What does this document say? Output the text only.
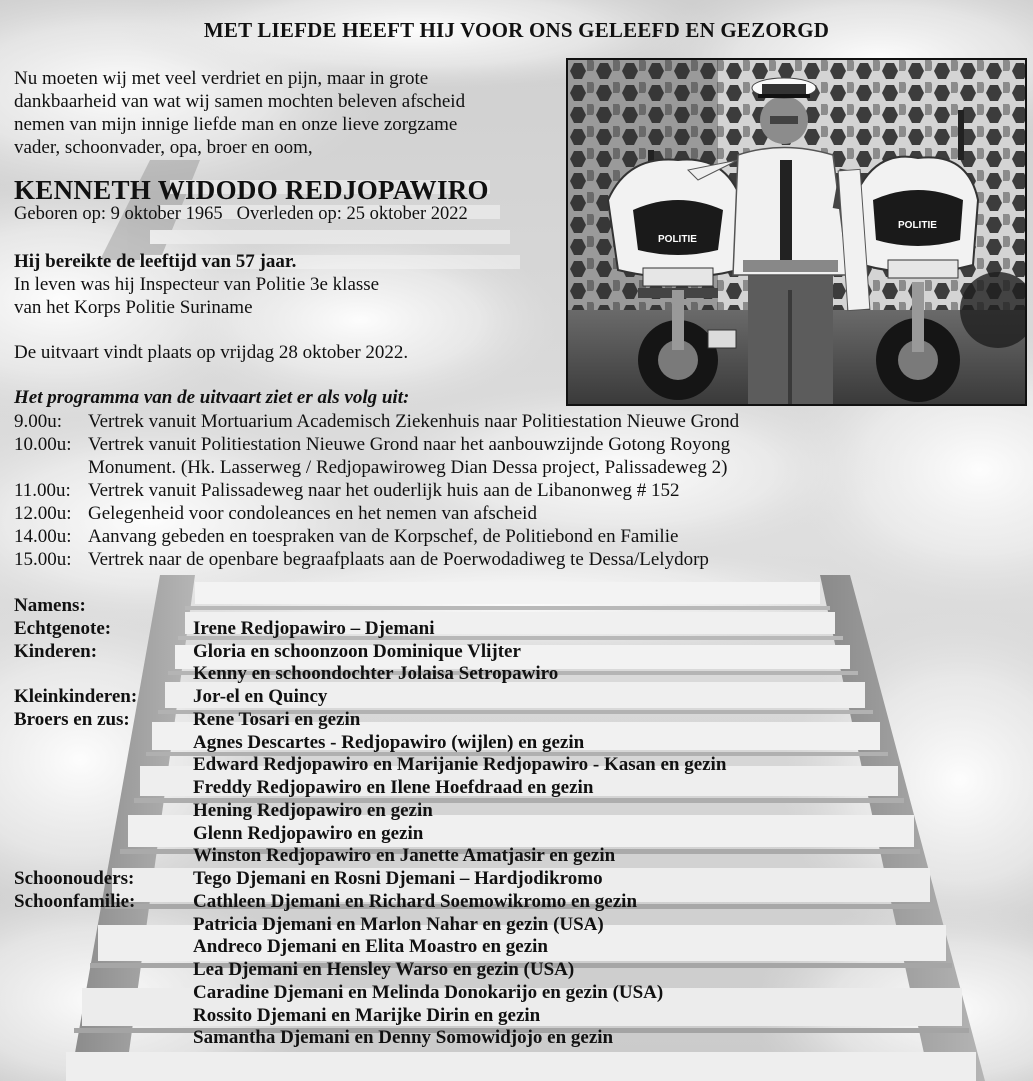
MET LIEFDE HEEFT HIJ VOOR ONS GELEEFD EN GEZORGD

Nu moeten wij met veel verdriet en pijn, maar in grote

dankbaarheid van wat wij samen mochten beleven afscheid

nemen van mijn innige liefde man en onze lieve zorgzame

vader, schoonvader, opa, broer en oom,

KENNETH WIDODO REDJOPAWIRO
Geboren op: 9 oktober 1965 Overleden op: 25 oktober 2022
Hij bereikte de leeftijd van 57 jaar.
In leven was hij Inspecteur van Politie 3e klasse
van het Korps Politie Suriname
De uitvaart vindt plaats op vrijdag 28 oktober 2022.
Het programma van de uitvaart ziet er als volg uit:
9.00u:	Vertrek vanuit Mortuarium Academisch Ziekenhuis naar Politiestation Nieuwe Grond
10.00u: Vertrek vanuit Politiestation Nieuwe Grond naar het aanbouwzijnde Gotong Royong
Monument. (Hk. Lasserweg / Redjopawiroweg Dian Dessa project, Palissadeweg 2)
11.00u: Vertrek vanuit Palissadeweg naar het ouderlijk huis aan de Libanonweg # 152
12.00u: Gelegenheid voor condoleances en het nemen van afscheid
14.00u: Aanvang gebeden en toespraken van de Korpschef, de Politiebond en Familie
15.00u: Vertrek naar de openbare begraafplaats aan de Poerwodadiweg te Dessa/Lelydorp
Namens:
Echtgenote:	Irene Redjopawiro – Djemani
Kinderen:	Gloria en schoonzoon Dominique Vlijter
Kenny en schoondochter Jolaisa Setropawiro
Kleinkinderen:	Jor-el en Quincy
Broers en zus:	Rene Tosari en gezin
Agnes Descartes - Redjopawiro (wijlen) en gezin
Edward Redjopawiro en Marijanie Redjopawiro - Kasan en gezin
Freddy Redjopawiro en Ilene Hoefdraad en gezin
Hening Redjopawiro en gezin
Glenn Redjopawiro en gezin
Winston Redjopawiro en Janette Amatjasir en gezin
Schoonouders:	Tego Djemani en Rosni Djemani – Hardjodikromo
Schoonfamilie:	Cathleen Djemani en Richard Soemowikromo en gezin
Patricia Djemani en Marlon Nahar en gezin (USA)
Andreco Djemani en Elita Moastro en gezin
Lea Djemani en Hensley Warso en gezin (USA)
Caradine Djemani en Melinda Donokarijo en gezin (USA)
Rossito Djemani en Marijke Dirin en gezin
Samantha Djemani en Denny Somowidjojo en gezin
POLITIE
POLITIE
